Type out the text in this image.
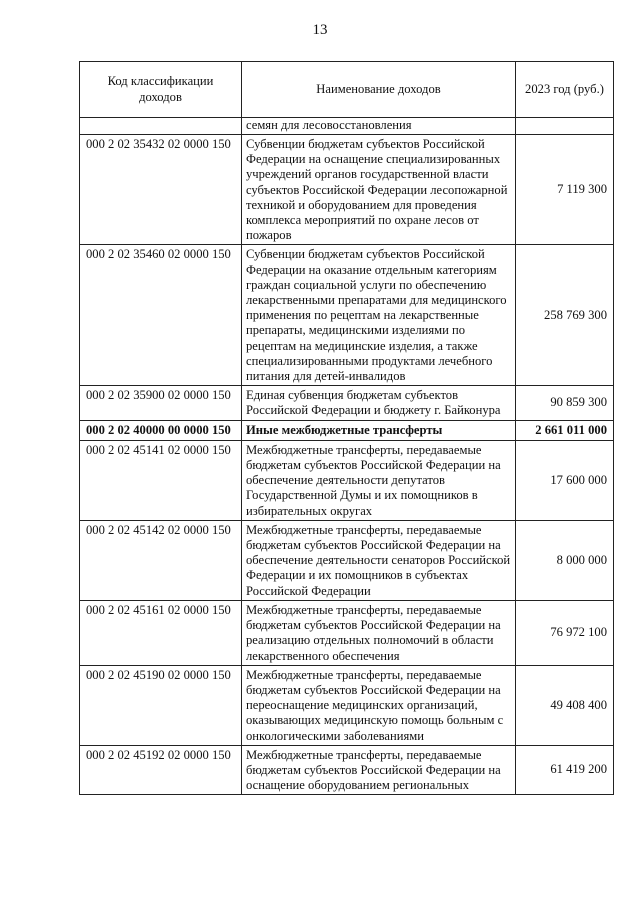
13
Код классификации доходов	Наименование доходов	2023 год (руб.)
	семян для лесовосстановления	
000 2 02 35432 02 0000 150	Субвенции бюджетам субъектов Российской Федерации на оснащение специализированных учреждений органов государственной власти субъектов Российской Федерации лесопожарной техникой и оборудованием для проведения комплекса мероприятий по охране лесов от пожаров	7 119 300
000 2 02 35460 02 0000 150	Субвенции бюджетам субъектов Российской Федерации на оказание отдельным категориям граждан социальной услуги по обеспечению лекарственными препаратами для медицинского применения по рецептам на лекарственные препараты, медицинскими изделиями по рецептам на медицинские изделия, а также специализированными продуктами лечебного питания для детей-инвалидов	258 769 300
000 2 02 35900 02 0000 150	Единая субвенция бюджетам субъектов Российской Федерации и бюджету г. Байконура	90 859 300
000 2 02 40000 00 0000 150	Иные межбюджетные трансферты	2 661 011 000
000 2 02 45141 02 0000 150	Межбюджетные трансферты, передаваемые бюджетам субъектов Российской Федерации на обеспечение деятельности депутатов Государственной Думы и их помощников в избирательных округах	17 600 000
000 2 02 45142 02 0000 150	Межбюджетные трансферты, передаваемые бюджетам субъектов Российской Федерации на обеспечение деятельности сенаторов Российской Федерации и их помощников в субъектах Российской Федерации	8 000 000
000 2 02 45161 02 0000 150	Межбюджетные трансферты, передаваемые бюджетам субъектов Российской Федерации на реализацию отдельных полномочий в области лекарственного обеспечения	76 972 100
000 2 02 45190 02 0000 150	Межбюджетные трансферты, передаваемые бюджетам субъектов Российской Федерации на переоснащение медицинских организаций, оказывающих медицинскую помощь больным с онкологическими заболеваниями	49 408 400
000 2 02 45192 02 0000 150	Межбюджетные трансферты, передаваемые бюджетам субъектов Российской Федерации на оснащение оборудованием региональных	61 419 200
